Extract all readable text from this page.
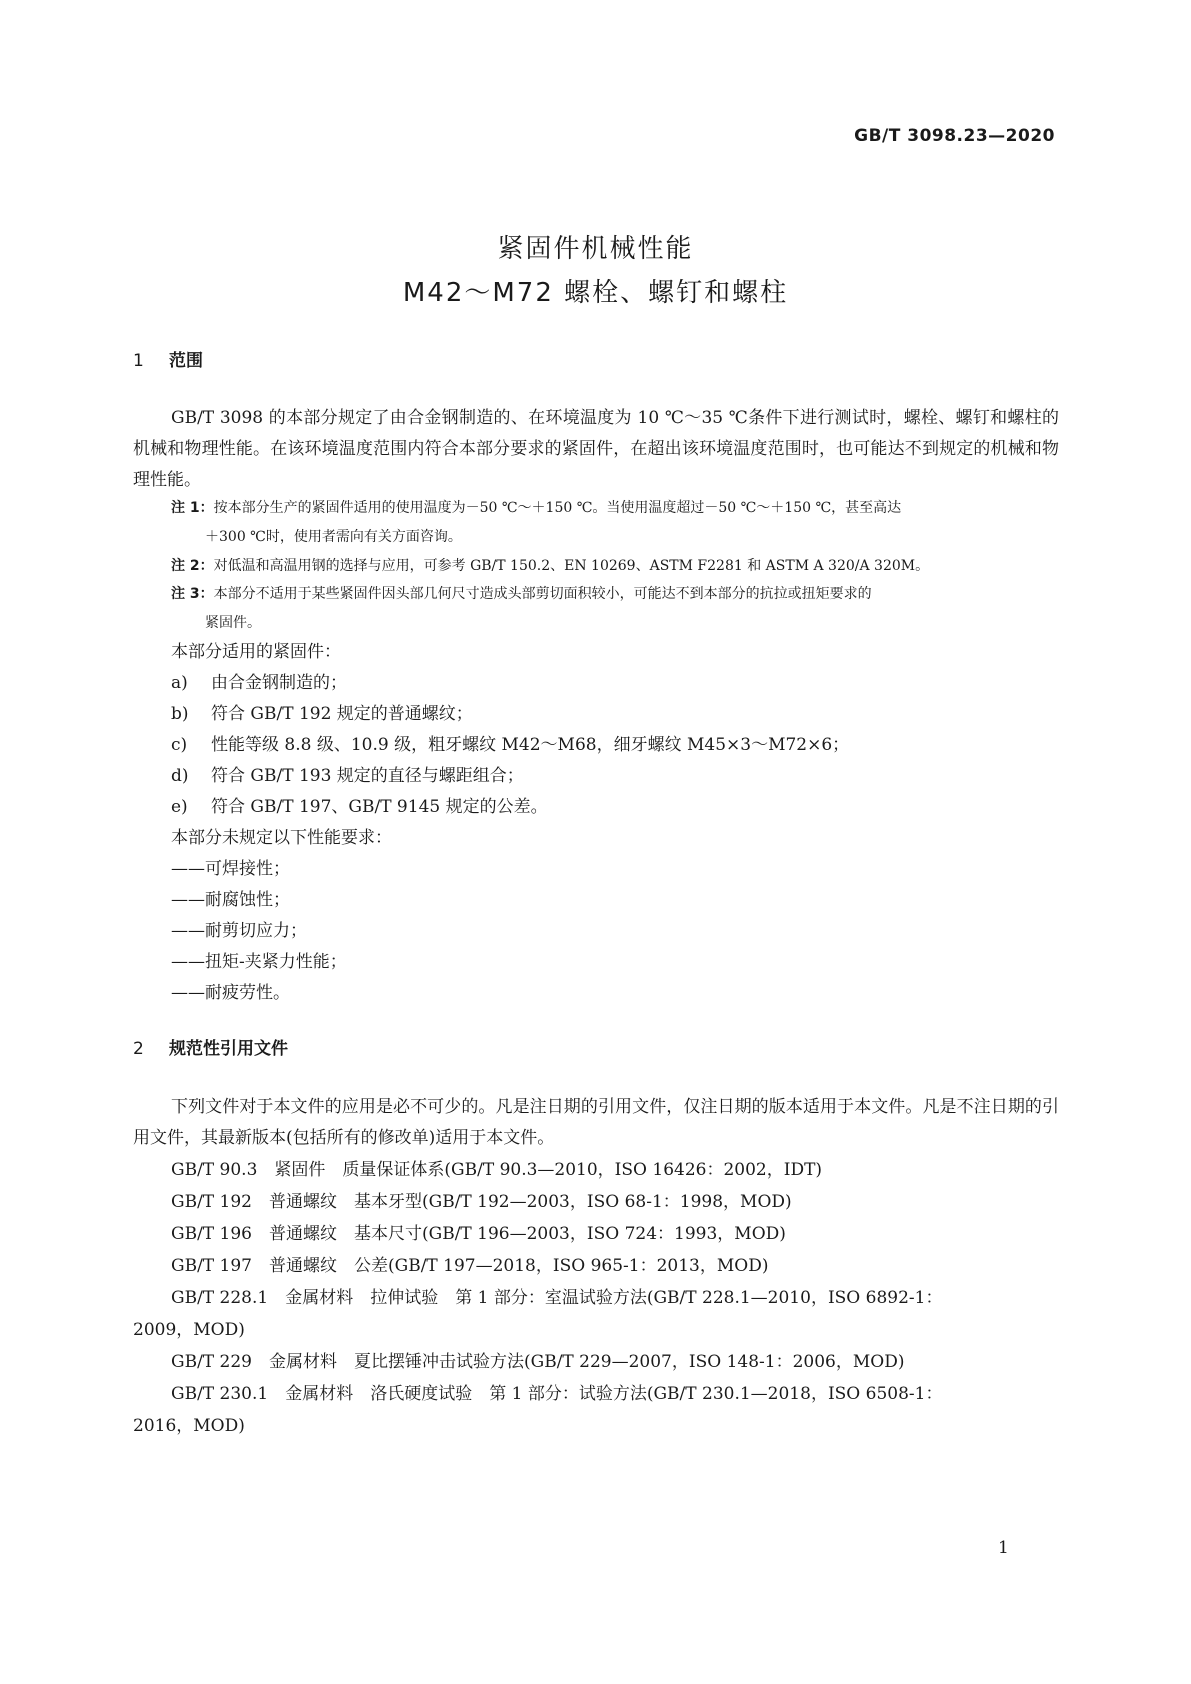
GB/T 3098.23—2020
紧固件机械性能
M42～M72 螺栓、螺钉和螺柱
1 范围
GB/T 3098 的本部分规定了由合金钢制造的、在环境温度为 10 ℃～35 ℃条件下进行测试时，螺栓、螺钉和螺柱的机械和物理性能。在该环境温度范围内符合本部分要求的紧固件，在超出该环境温度范围时，也可能达不到规定的机械和物理性能。
注 1：按本部分生产的紧固件适用的使用温度为－50 ℃～＋150 ℃。当使用温度超过－50 ℃～＋150 ℃，甚至高达
＋300 ℃时，使用者需向有关方面咨询。
注 2：对低温和高温用钢的选择与应用，可参考 GB/T 150.2、EN 10269、ASTM F2281 和 ASTM A 320/A 320M。
注 3：本部分不适用于某些紧固件因头部几何尺寸造成头部剪切面积较小，可能达不到本部分的抗拉或扭矩要求的
紧固件。
本部分适用的紧固件：
a) 由合金钢制造的；
b) 符合 GB/T 192 规定的普通螺纹；
c) 性能等级 8.8 级、10.9 级，粗牙螺纹 M42～M68，细牙螺纹 M45×3～M72×6；
d) 符合 GB/T 193 规定的直径与螺距组合；
e) 符合 GB/T 197、GB/T 9145 规定的公差。
本部分未规定以下性能要求：
——可焊接性；
——耐腐蚀性；
——耐剪切应力；
——扭矩-夹紧力性能；
——耐疲劳性。
2 规范性引用文件
下列文件对于本文件的应用是必不可少的。凡是注日期的引用文件，仅注日期的版本适用于本文件。凡是不注日期的引用文件，其最新版本(包括所有的修改单)适用于本文件。
GB/T 90.3　紧固件　质量保证体系(GB/T 90.3—2010，ISO 16426：2002，IDT)
GB/T 192　普通螺纹　基本牙型(GB/T 192—2003，ISO 68-1：1998，MOD)
GB/T 196　普通螺纹　基本尺寸(GB/T 196—2003，ISO 724：1993，MOD)
GB/T 197　普通螺纹　公差(GB/T 197—2018，ISO 965-1：2013，MOD)
GB/T 228.1　金属材料　拉伸试验　第 1 部分：室温试验方法(GB/T 228.1—2010，ISO 6892-1：
2009，MOD)
GB/T 229　金属材料　夏比摆锤冲击试验方法(GB/T 229—2007，ISO 148-1：2006，MOD)
GB/T 230.1　金属材料　洛氏硬度试验　第 1 部分：试验方法(GB/T 230.1—2018，ISO 6508-1：
2016，MOD)
1
